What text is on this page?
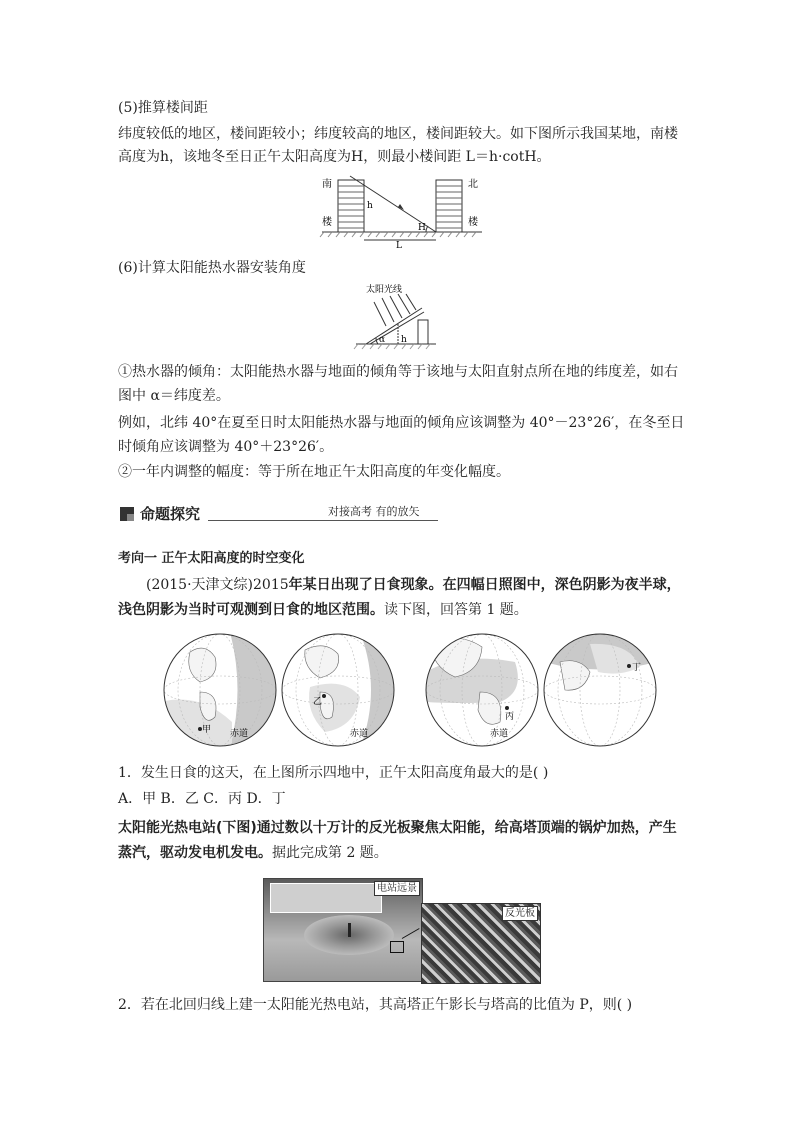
(5)推算楼间距
纬度较低的地区，楼间距较小；纬度较高的地区，楼间距较大。如下图所示我国某地，南楼
高度为h，该地冬至日正午太阳高度为H，则最小楼间距 L＝h·cotH。
南	北
楼	楼
h
H
L
(6)计算太阳能热水器安装角度
太阳光线
α h
①热水器的倾角：太阳能热水器与地面的倾角等于该地与太阳直射点所在地的纬度差，如右
图中 α＝纬度差。
例如，北纬 40°在夏至日时太阳能热水器与地面的倾角应该调整为 40°－23°26′，在冬至日
时倾角应该调整为 40°＋23°26′。
②一年内调整的幅度：等于所在地正午太阳高度的年变化幅度。
命题探究	对接高考 有的放矢
考向一 正午太阳高度的时空变化
(2015·天津文综)2015年某日出现了日食现象。在四幅日照图中，深色阴影为夜半球，
浅色阴影为当时可观测到日食的地区范围。读下图，回答第 1 题。
甲 赤道
乙
赤道
丙
赤道
丁
1．发生日食的这天，在上图所示四地中，正午太阳高度角最大的是( )
A．甲 B．乙 C．丙 D．丁
太阳能光热电站(下图)通过数以十万计的反光板聚焦太阳能，给高塔顶端的锅炉加热，产生
蒸汽，驱动发电机发电。据此完成第 2 题。
电站远景
反光板
2．若在北回归线上建一太阳能光热电站，其高塔正午影长与塔高的比值为 P，则( )
